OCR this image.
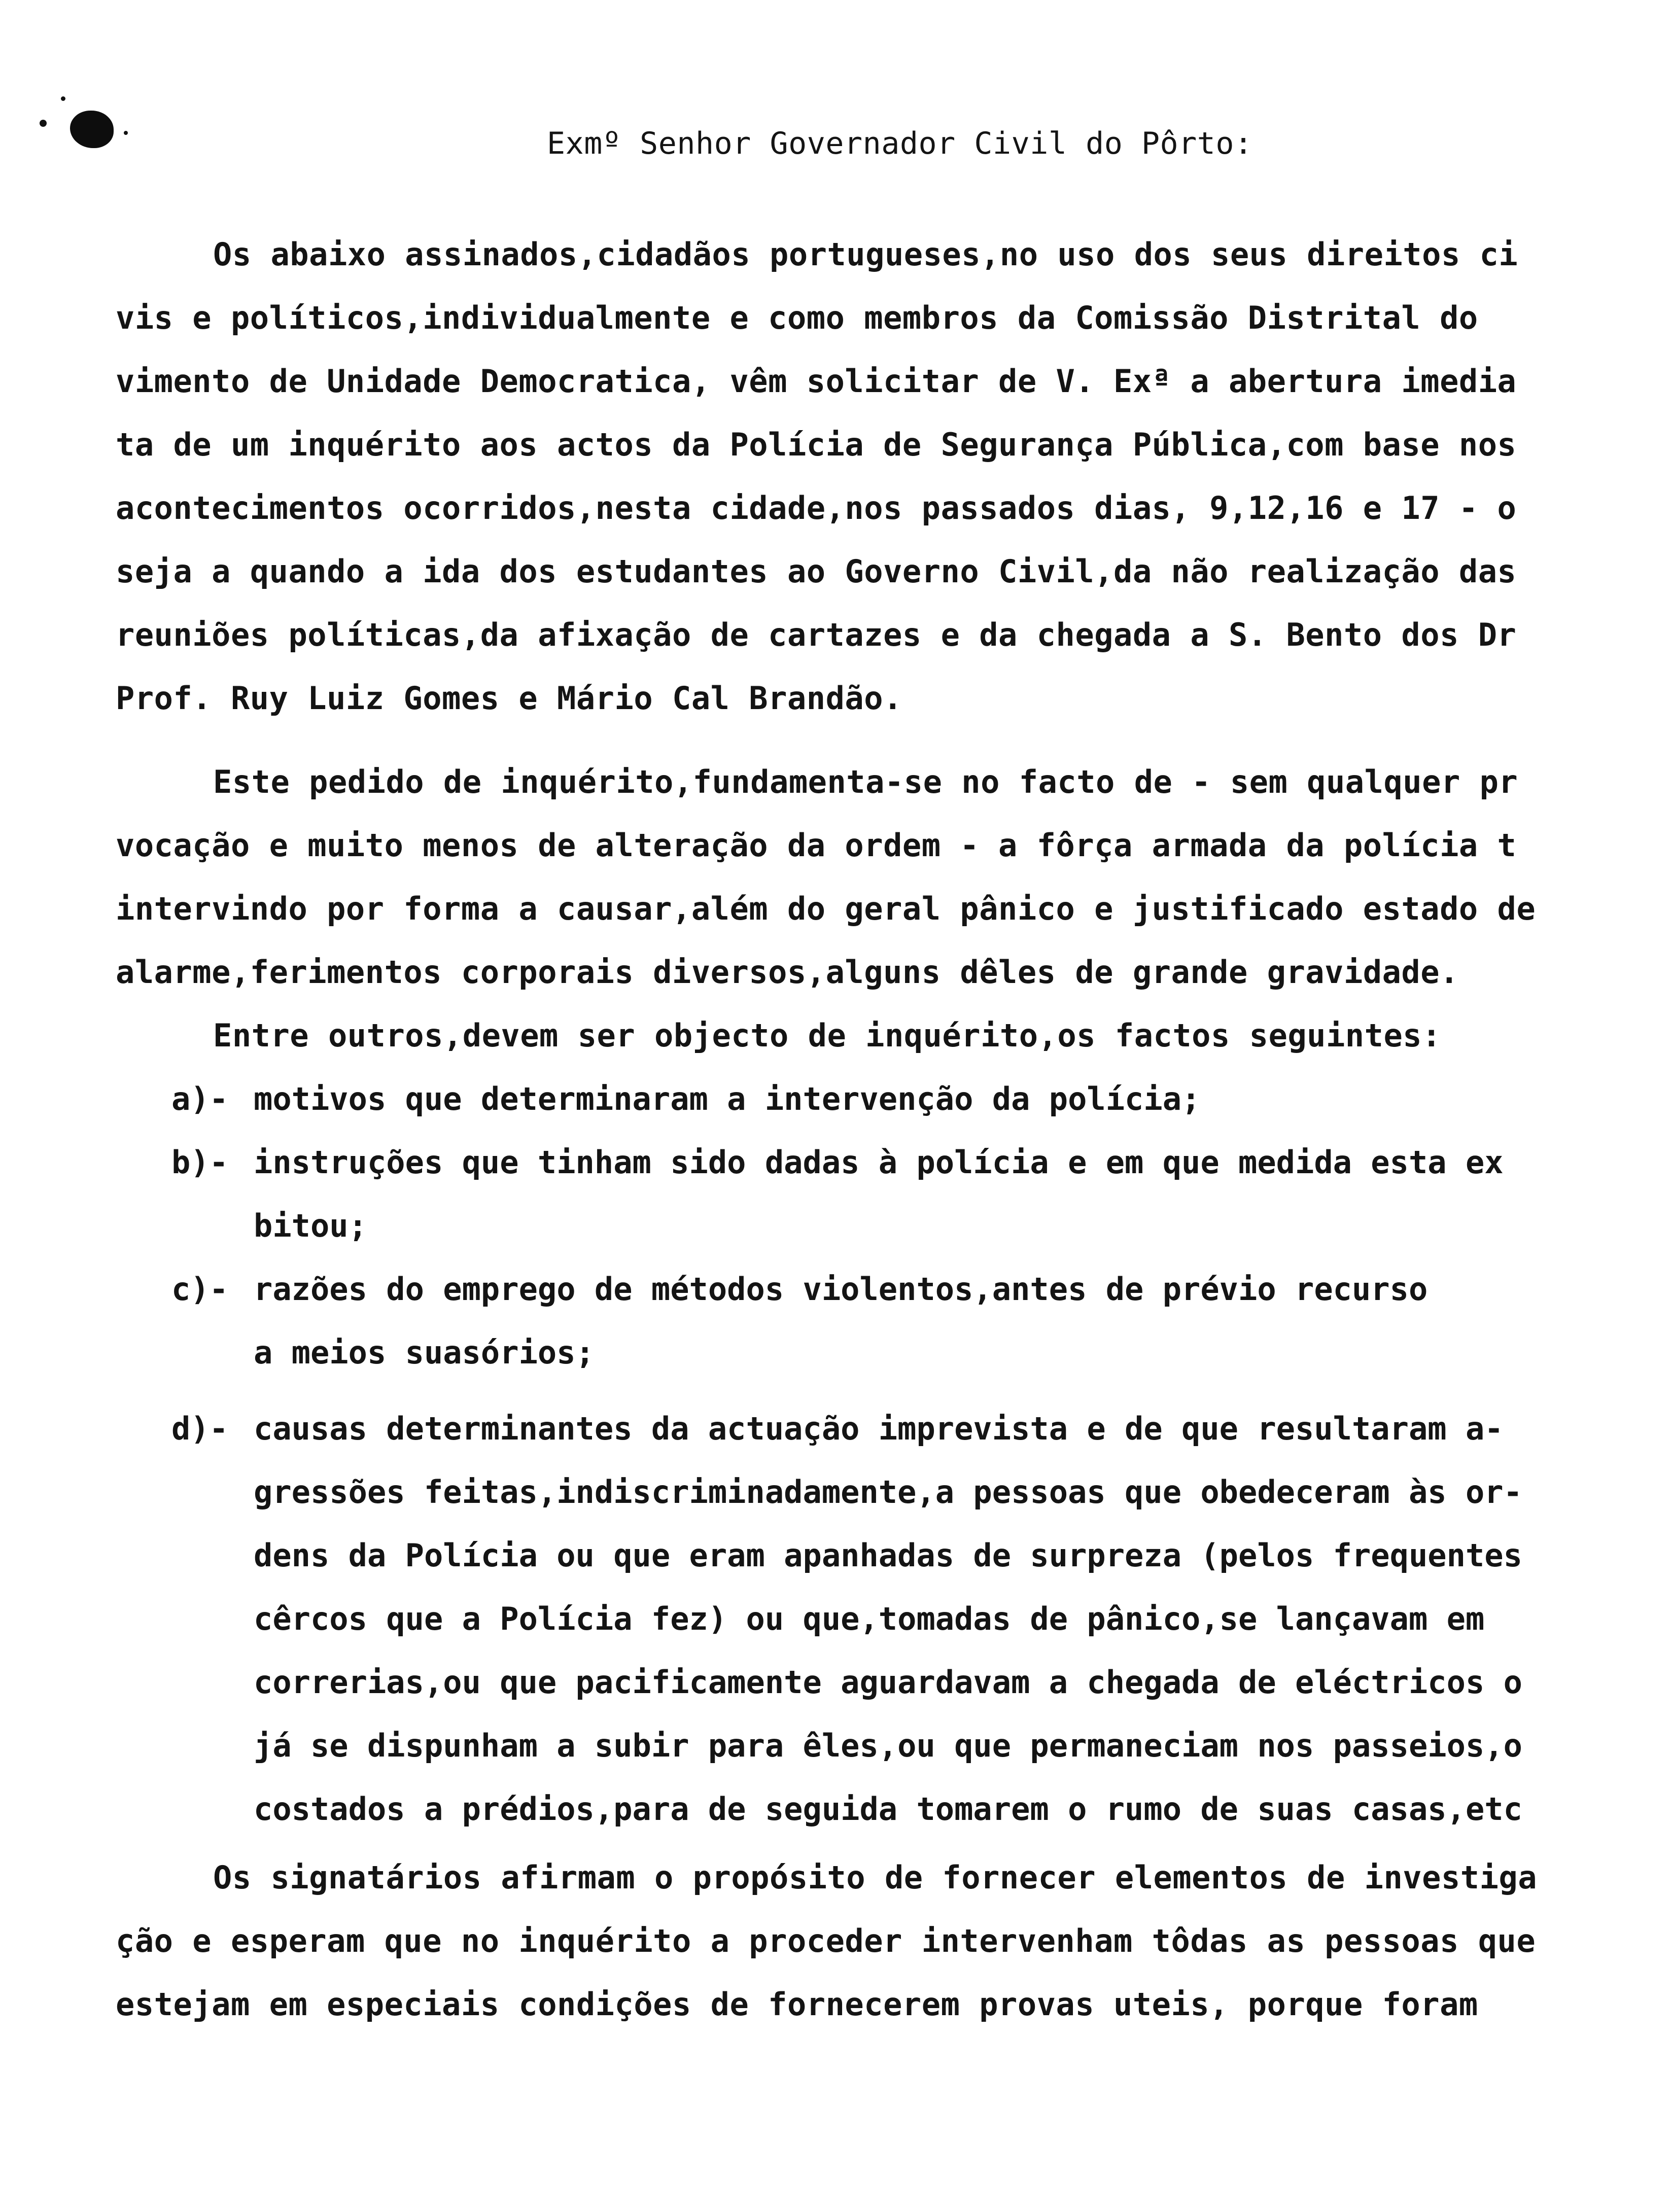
Exmº Senhor Governador Civil do Pôrto:
Os abaixo assinados,cidadãos portugueses,no uso dos seus direitos ci
vis e políticos,individualmente e como membros da Comissão Distrital do
vimento de Unidade Democratica, vêm solicitar de V. Exª a abertura imedia
ta de um inquérito aos actos da Polícia de Segurança Pública,com base nos
acontecimentos ocorridos,nesta cidade,nos passados dias, 9,12,16 e 17 - o
seja a quando a ida dos estudantes ao Governo Civil,da não realização das
reuniões políticas,da afixação de cartazes e da chegada a S. Bento dos Dr
Prof. Ruy Luiz Gomes e Mário Cal Brandão.
Este pedido de inquérito,fundamenta-se no facto de - sem qualquer pr
vocação e muito menos de alteração da ordem - a fôrça armada da polícia t
intervindo por forma a causar,além do geral pânico e justificado estado de
alarme,ferimentos corporais diversos,alguns dêles de grande gravidade.
Entre outros,devem ser objecto de inquérito,os factos seguintes:
a)- motivos que determinaram a intervenção da polícia;
b)- instruções que tinham sido dadas à polícia e em que medida esta ex
bitou;
c)- razões do emprego de métodos violentos,antes de prévio recurso
a meios suasórios;
d)- causas determinantes da actuação imprevista e de que resultaram a-
gressões feitas,indiscriminadamente,a pessoas que obedeceram às or-
dens da Polícia ou que eram apanhadas de surpreza (pelos frequentes
cêrcos que a Polícia fez) ou que,tomadas de pânico,se lançavam em
correrias,ou que pacificamente aguardavam a chegada de eléctricos o
já se dispunham a subir para êles,ou que permaneciam nos passeios,o
costados a prédios,para de seguida tomarem o rumo de suas casas,etc
Os signatários afirmam o propósito de fornecer elementos de investiga
ção e esperam que no inquérito a proceder intervenham tôdas as pessoas que
estejam em especiais condições de fornecerem provas uteis, porque foram
